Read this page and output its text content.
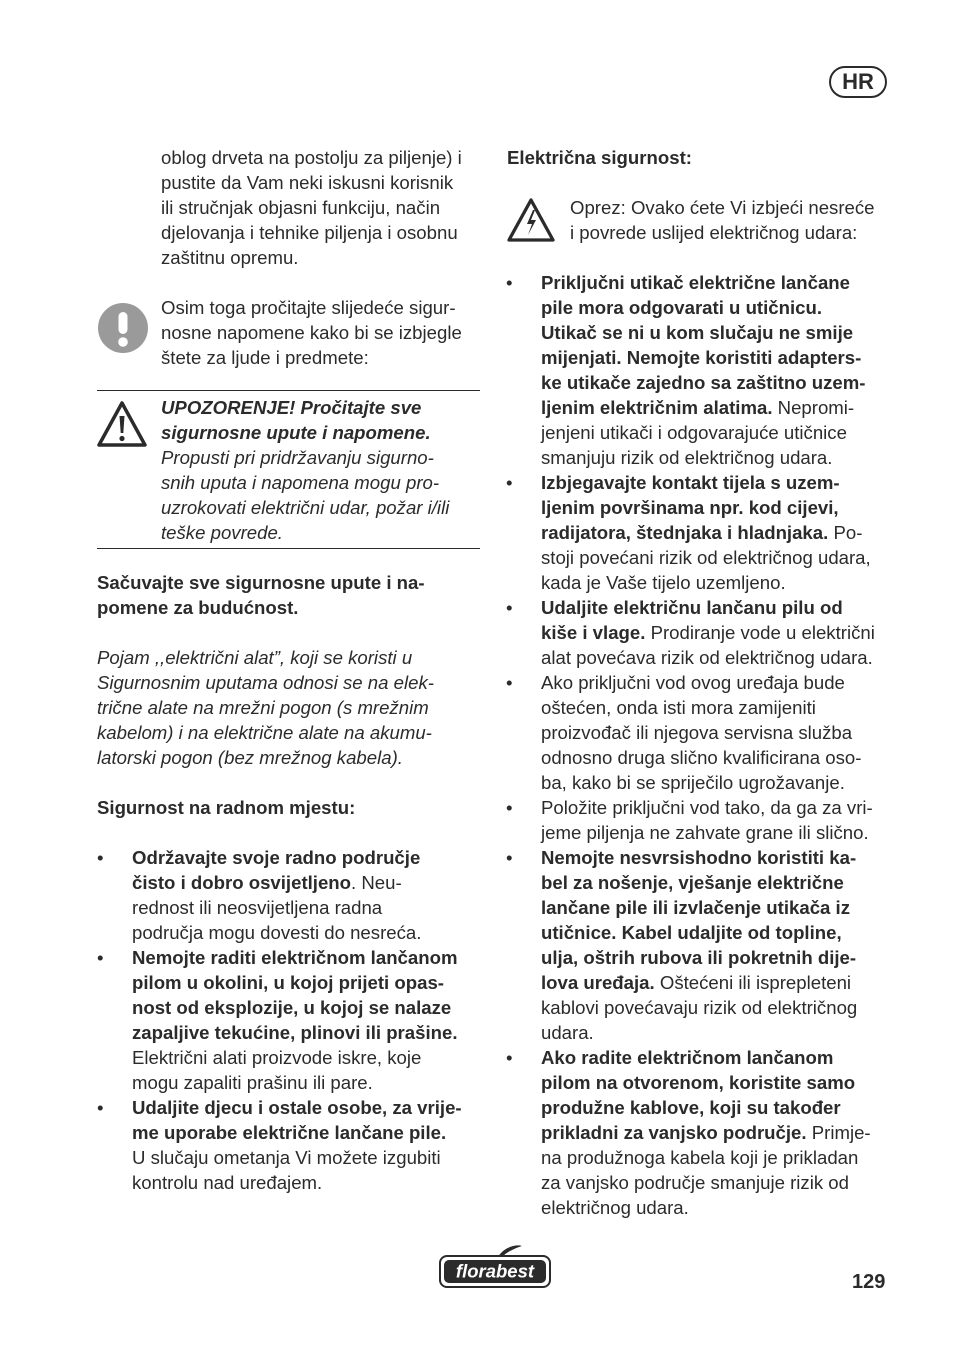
HR
oblog drveta na postolju za piljenje) i
pustite da Vam neki iskusni korisnik
ili stručnjak objasni funkciju, način
djelovanja i tehnike piljenja i osobnu
zaštitnu opremu.
Osim toga pročitajte slijedeće sigur-
nosne napomene kako bi se izbjegle
štete za ljude i predmete:
UPOZORENJE! Pročitajte sve
sigurnosne upute i napomene.
Propusti pri pridržavanju sigurno-
snih uputa i napomena mogu pro-
uzrokovati električni udar, požar i/ili
teške povrede.
Sačuvajte sve sigurnosne upute i na-
pomene za budućnost.
Pojam ,,električni alat”, koji se koristi u
Sigurnosnim uputama odnosi se na elek-
trične alate na mrežni pogon (s mrežnim
kabelom) i na električne alate na akumu-
latorski pogon (bez mrežnog kabela).
Sigurnost na radnom mjestu:
•	Održavajte svoje radno područje
čisto i dobro osvijetljeno. Neu-
rednost ili neosvijetljena radna
područja mogu dovesti do nesreća.
•	Nemojte raditi električnom lančanom
pilom u okolini, u kojoj prijeti opas-
nost od eksplozije, u kojoj se nalaze
zapaljive tekućine, plinovi ili prašine.
Električni alati proizvode iskre, koje
mogu zapaliti prašinu ili pare.
•	Udaljite djecu i ostale osobe, za vrije-
me uporabe električne lančane pile.
U slučaju ometanja Vi možete izgubiti
kontrolu nad uređajem.
Električna sigurnost:
Oprez: Ovako ćete Vi izbjeći nesreće
i povrede uslijed električnog udara:
•	Priključni utikač električne lančane
pile mora odgovarati u utičnicu.
Utikač se ni u kom slučaju ne smije
mijenjati. Nemojte koristiti adapters-
ke utikače zajedno sa zaštitno uzem-
ljenim električnim alatima. Nepromi-
jenjeni utikači i odgovarajuće utičnice
smanjuju rizik od električnog udara.
•	Izbjegavajte kontakt tijela s uzem-
ljenim površinama npr. kod cijevi,
radijatora, štednjaka i hladnjaka. Po-
stoji povećani rizik od električnog udara,
kada je Vaše tijelo uzemljeno.
•	Udaljite električnu lančanu pilu od
kiše i vlage. Prodiranje vode u električni
alat povećava rizik od električnog udara.
•	Ako priključni vod ovog uređaja bude
oštećen, onda isti mora zamijeniti
proizvođač ili njegova servisna služba
odnosno druga slično kvalificirana oso-
ba, kako bi se spriječilo ugrožavanje.
•	Položite priključni vod tako, da ga za vri-
jeme piljenja ne zahvate grane ili slično.
•	Nemojte nesvrsishodno koristiti ka-
bel za nošenje, vješanje električne
lančane pile ili izvlačenje utikača iz
utičnice. Kabel udaljite od topline,
ulja, oštrih rubova ili pokretnih dije-
lova uređaja. Oštećeni ili isprepleteni
kablovi povećavaju rizik od električnog
udara.
•	Ako radite električnom lančanom
pilom na otvorenom, koristite samo
produžne kablove, koji su također
prikladni za vanjsko područje. Primje-
na produžnoga kabela koji je prikladan
za vanjsko područje smanjuje rizik od
električnog udara.
florabest	129
